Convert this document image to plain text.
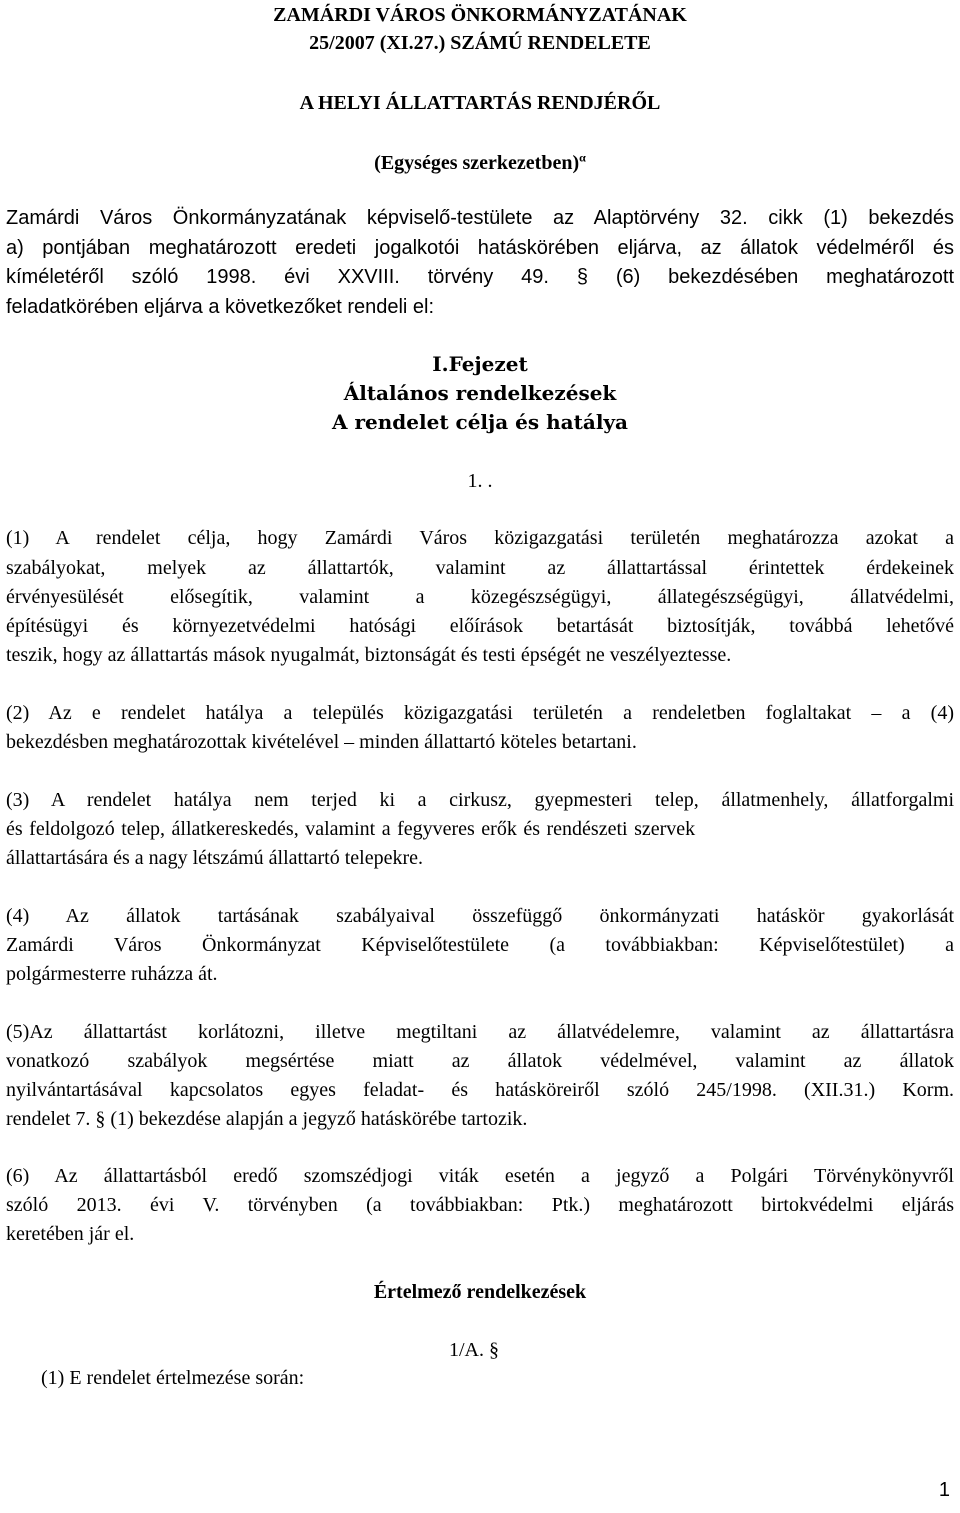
ZAMÁRDI VÁROS ÖNKORMÁNYZATÁNAK
25/2007 (XI.27.) SZÁMÚ RENDELETE
A HELYI ÁLLATTARTÁS RENDJÉRŐL
(Egységes szerkezetben)$^\alpha$
Zamárdi Város Önkormányzatának képviselő-testülete az Alaptörvény 32. cikk (1) bekezdés
a) pontjában meghatározott eredeti jogalkotói hatáskörében eljárva, az állatok védelméről és
kíméletéről szóló 1998. évi XXVIII. törvény 49. § (6) bekezdésében meghatározott
feladatkörében eljárva a következőket rendeli el:
I.Fejezet
Általános rendelkezések
A rendelet célja és hatálya
1. .
(1) A rendelet célja, hogy Zamárdi Város közigazgatási területén meghatározza azokat a
szabályokat, melyek az állattartók, valamint az állattartással érintettek érdekeinek
érvényesülését elősegítik, valamint a közegészségügyi, állategészségügyi, állatvédelmi,
építésügyi és környezetvédelmi hatósági előírások betartását biztosítják, továbbá lehetővé
teszik, hogy az állattartás mások nyugalmát, biztonságát és testi épségét ne veszélyeztesse.
(2) Az e rendelet hatálya a település közigazgatási területén a rendeletben foglaltakat – a (4)
bekezdésben meghatározottak kivételével – minden állattartó köteles betartani.
(3) A rendelet hatálya nem terjed ki a cirkusz, gyepmesteri telep, állatmenhely, állatforgalmi
és feldolgozó telep, állatkereskedés, valamint a fegyveres erők és rendészeti szervek
állattartására és a nagy létszámú állattartó telepekre.
(4) Az állatok tartásának szabályaival összefüggő önkormányzati hatáskör gyakorlását
Zamárdi Város Önkormányzat Képviselőtestülete (a továbbiakban: Képviselőtestület) a
polgármesterre ruházza át.
(5)Az állattartást korlátozni, illetve megtiltani az állatvédelemre, valamint az állattartásra
vonatkozó szabályok megsértése miatt az állatok védelmével, valamint az állatok
nyilvántartásával kapcsolatos egyes feladat- és hatásköreiről szóló 245/1998. (XII.31.) Korm.
rendelet 7. § (1) bekezdése alapján a jegyző hatáskörébe tartozik.
(6) Az állattartásból eredő szomszédjogi viták esetén a jegyző a Polgári Törvénykönyvről
szóló 2013. évi V. törvényben (a továbbiakban: Ptk.) meghatározott birtokvédelmi eljárás
keretében jár el.
Értelmező rendelkezések
1/A. §
(1) E rendelet értelmezése során:
1
